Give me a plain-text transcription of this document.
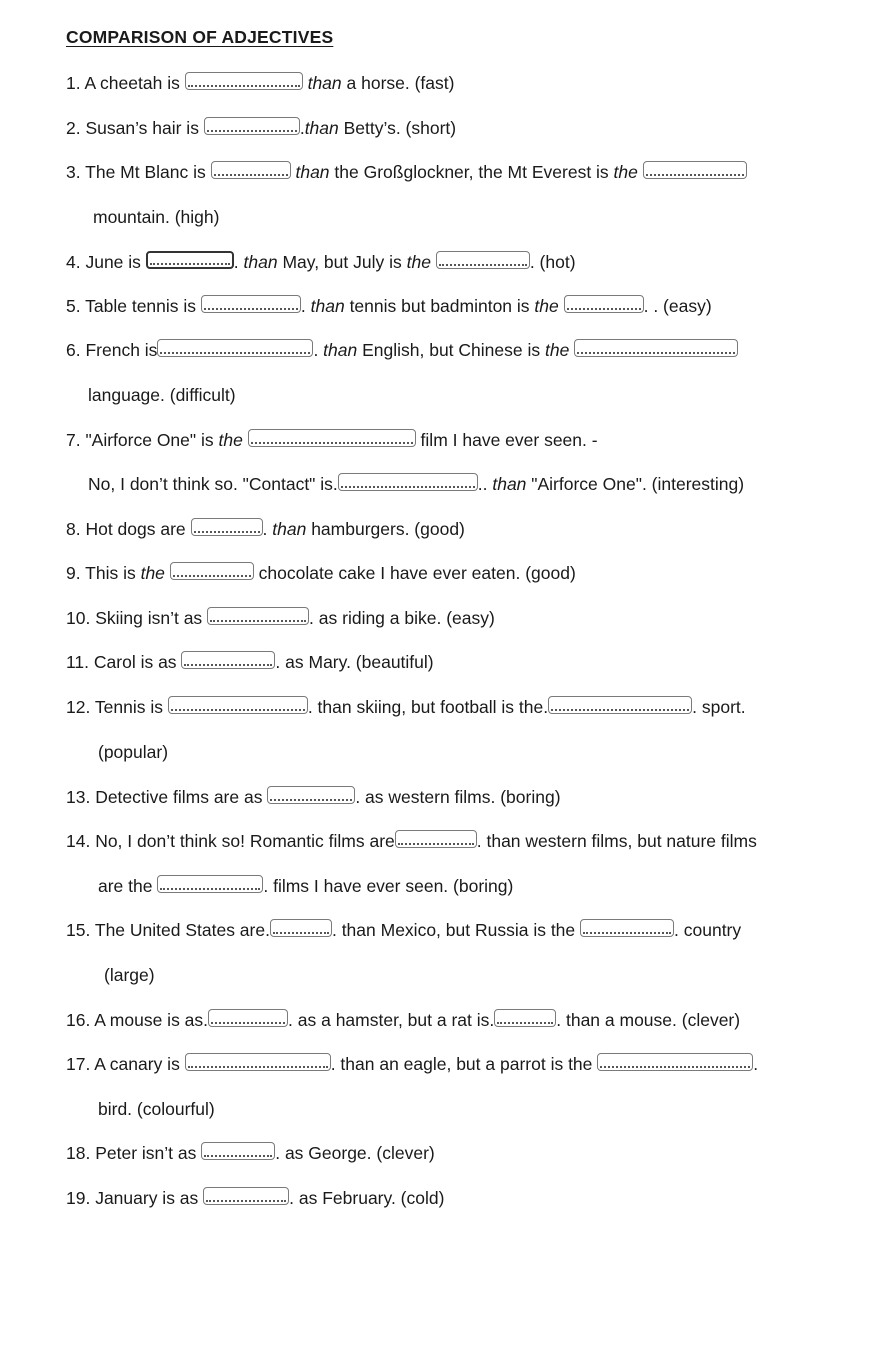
COMPARISON OF ADJECTIVES
1. A cheetah is	than a horse. (fast)
2. Susan’s hair is	.than Betty’s. (short)
3. The Mt Blanc is	than the Großglockner, the Mt Everest is the
mountain. (high)
4. June is	. than May, but July is the	. (hot)
5. Table tennis is	. than tennis but badminton is the	. . (easy)
6. French is	. than English, but Chinese is the
language. (difficult)
7. "Airforce One" is the	film I have ever seen. -
No, I don’t think so. "Contact" is.	.. than "Airforce One". (interesting)
8. Hot dogs are	. than hamburgers. (good)
9. This is the	chocolate cake I have ever eaten. (good)
10. Skiing isn’t as	. as riding a bike. (easy)
11. Carol is as	. as Mary. (beautiful)
12. Tennis is	. than skiing, but football is the.	. sport.
(popular)
13. Detective films are as	. as western films. (boring)
14. No, I don’t think so! Romantic films are	. than western films, but nature films
are the	. films I have ever seen. (boring)
15. The United States are.	. than Mexico, but Russia is the	. country
(large)
16. A mouse is as.	. as a hamster, but a rat is.	. than a mouse. (clever)
17. A canary is	. than an eagle, but a parrot is the	.
bird. (colourful)
18. Peter isn’t as	. as George. (clever)
19. January is as	. as February. (cold)
